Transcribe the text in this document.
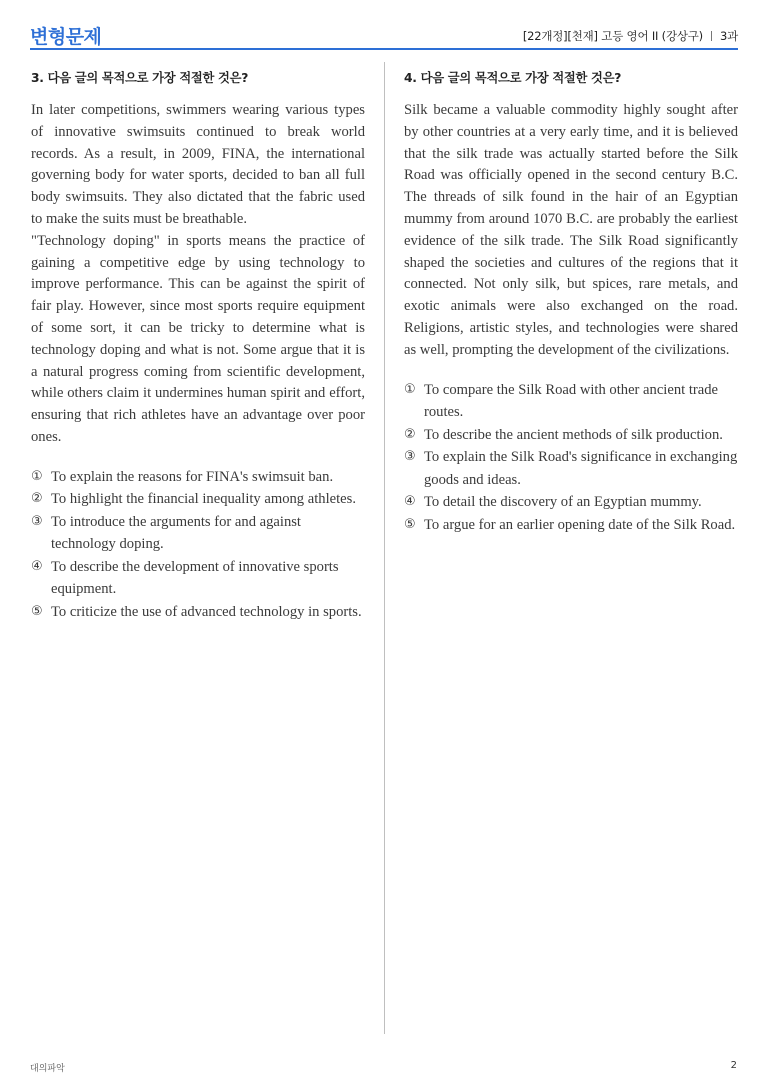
변형문제	[22개정][천재] 고등 영어 II (강상구) 3과
3. 다음 글의 목적으로 가장 적절한 것은?

In later competitions, swimmers wearing various types of innovative swimsuits continued to break world records. As a result, in 2009, FINA, the international governing body for water sports, decided to ban all full body swimsuits. They also dictated that the fabric used to make the suits must be breathable.

"Technology doping" in sports means the practice of gaining a competitive edge by using technology to improve performance. This can be against the spirit of fair play. However, since most sports require equipment of some sort, it can be tricky to determine what is technology doping and what is not. Some argue that it is a natural progress coming from scientific development, while others claim it undermines human spirit and effort, ensuring that rich athletes have an advantage over poor ones.

① To explain the reasons for FINA's swimsuit ban.
② To highlight the financial inequality among athletes.
③ To introduce the arguments for and against technology doping.
④ To describe the development of innovative sports equipment.
⑤ To criticize the use of advanced technology in sports.
4. 다음 글의 목적으로 가장 적절한 것은?

Silk became a valuable commodity highly sought after by other countries at a very early time, and it is believed that the silk trade was actually started before the Silk Road was officially opened in the second century B.C. The threads of silk found in the hair of an Egyptian mummy from around 1070 B.C. are probably the earliest evidence of the silk trade. The Silk Road significantly shaped the societies and cultures of the regions that it connected. Not only silk, but spices, rare metals, and exotic animals were also exchanged on the road. Religions, artistic styles, and technologies were shared as well, prompting the development of the civilizations.

① To compare the Silk Road with other ancient trade routes.
② To describe the ancient methods of silk production.
③ To explain the Silk Road's significance in exchanging goods and ideas.
④ To detail the discovery of an Egyptian mummy.
⑤ To argue for an earlier opening date of the Silk Road.
대의파악	2
